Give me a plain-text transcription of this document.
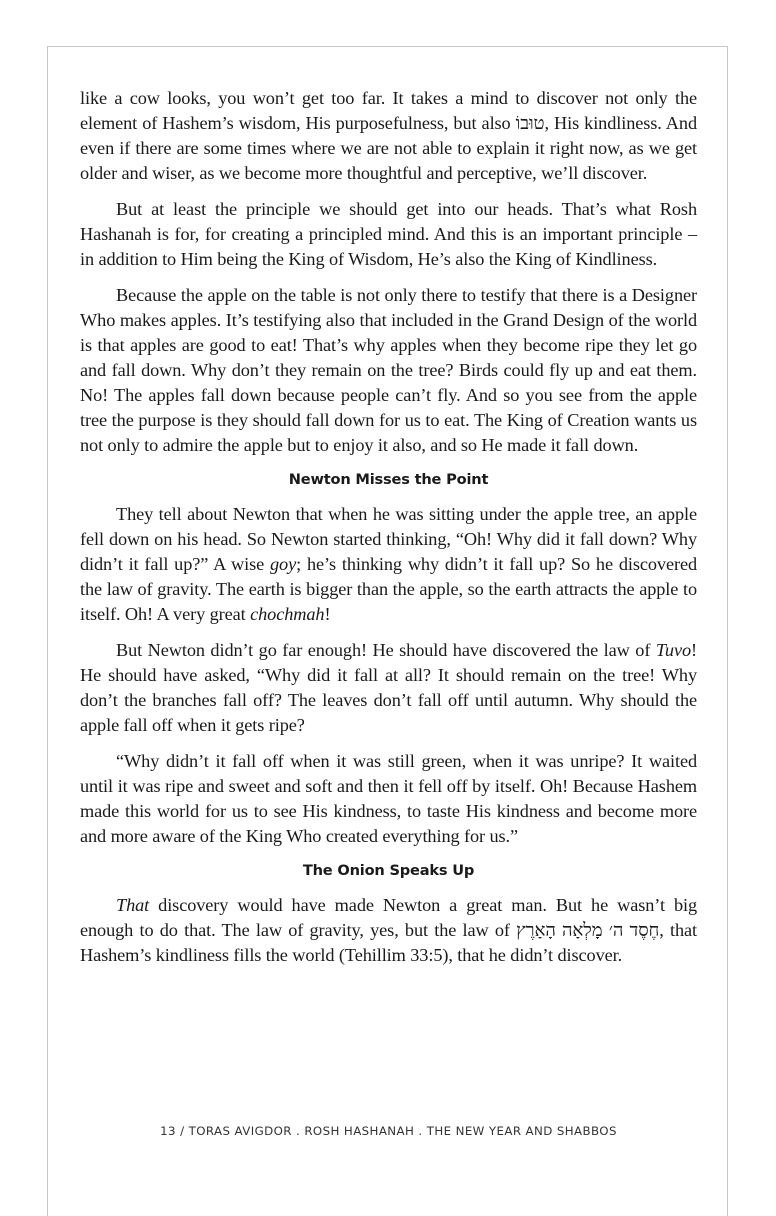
like a cow looks, you won’t get too far. It takes a mind to discover not only the element of Hashem’s wisdom, His purposefulness, but also טוּבוֹ, His kindliness. And even if there are some times where we are not able to explain it right now, as we get older and wiser, as we become more thoughtful and perceptive, we’ll discover.

But at least the principle we should get into our heads. That’s what Rosh Hashanah is for, for creating a principled mind. And this is an important principle – in addition to Him being the King of Wisdom, He’s also the King of Kindliness.

Because the apple on the table is not only there to testify that there is a Designer Who makes apples. It’s testifying also that included in the Grand Design of the world is that apples are good to eat! That’s why apples when they become ripe they let go and fall down. Why don’t they remain on the tree? Birds could fly up and eat them. No! The apples fall down because people can’t fly. And so you see from the apple tree the purpose is they should fall down for us to eat. The King of Creation wants us not only to admire the apple but to enjoy it also, and so He made it fall down.

Newton Misses the Point

They tell about Newton that when he was sitting under the apple tree, an apple fell down on his head. So Newton started thinking, “Oh! Why did it fall down? Why didn’t it fall up?” A wise goy; he’s thinking why didn’t it fall up? So he discovered the law of gravity. The earth is bigger than the apple, so the earth attracts the apple to itself. Oh! A very great chochmah!

But Newton didn’t go far enough! He should have discovered the law of Tuvo! He should have asked, “Why did it fall at all? It should remain on the tree! Why don’t the branches fall off? The leaves don’t fall off until autumn. Why should the apple fall off when it gets ripe?

“Why didn’t it fall off when it was still green, when it was unripe? It waited until it was ripe and sweet and soft and then it fell off by itself. Oh! Because Hashem made this world for us to see His kindness, to taste His kindness and become more and more aware of the King Who created everything for us.”

The Onion Speaks Up

That discovery would have made Newton a great man. But he wasn’t big enough to do that. The law of gravity, yes, but the law of חֶסֶד ה׳ מָלְאָה הָאָרֶץ, that Hashem’s kindliness fills the world (Tehillim 33:5), that he didn’t discover.

13 / TORAS AVIGDOR . ROSH HASHANAH . THE NEW YEAR AND SHABBOS
